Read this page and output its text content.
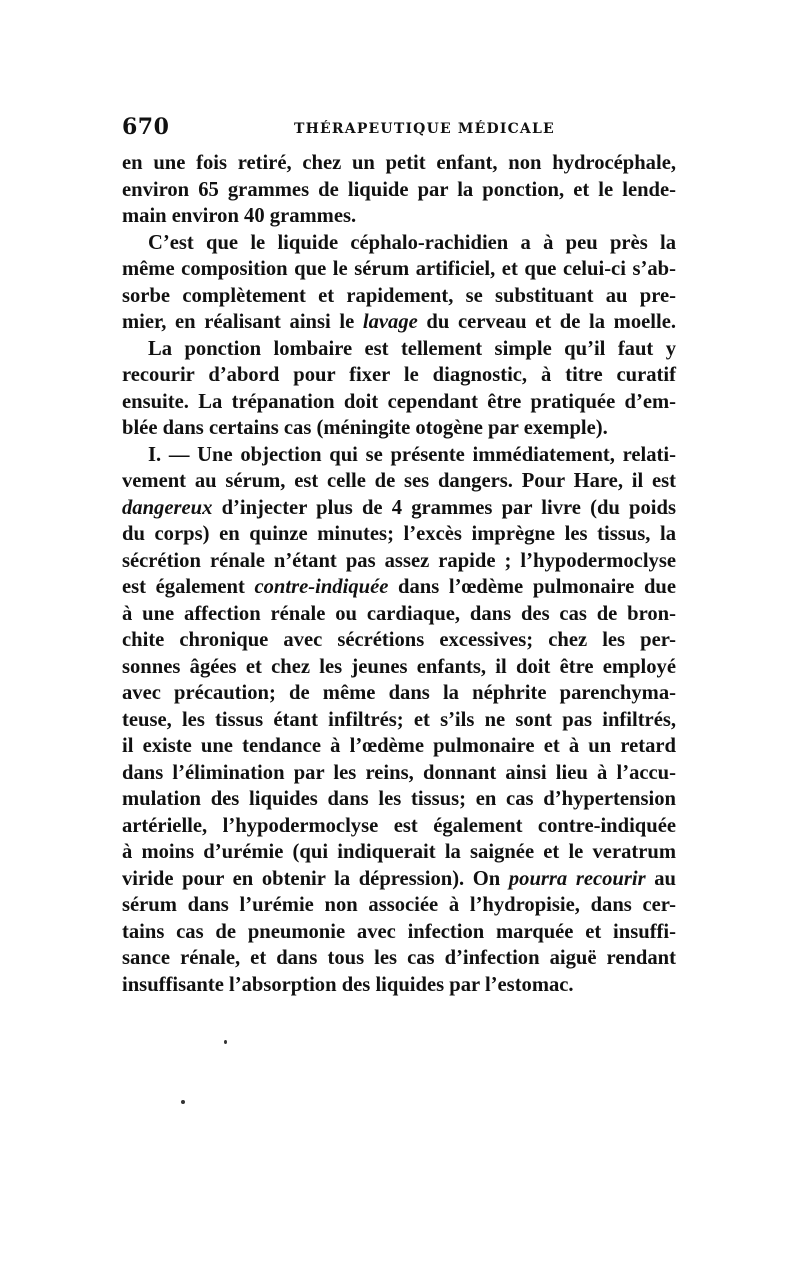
670	THÉRAPEUTIQUE MÉDICALE
en une fois retiré, chez un petit enfant, non hydrocéphale,
environ 65 grammes de liquide par la ponction, et le lende-
main environ 40 grammes.
C’est que le liquide céphalo-rachidien a à peu près la
même composition que le sérum artificiel, et que celui-ci s’ab-
sorbe complètement et rapidement, se substituant au pre-
mier, en réalisant ainsi le lavage du cerveau et de la moelle.
La ponction lombaire est tellement simple qu’il faut y
recourir d’abord pour fixer le diagnostic, à titre curatif
ensuite. La trépanation doit cependant être pratiquée d’em-
blée dans certains cas (méningite otogène par exemple).
I. — Une objection qui se présente immédiatement, relati-
vement au sérum, est celle de ses dangers. Pour Hare, il est
dangereux d’injecter plus de 4 grammes par livre (du poids
du corps) en quinze minutes; l’excès imprègne les tissus, la
sécrétion rénale n’étant pas assez rapide ; l’hypodermoclyse
est également contre-indiquée dans l’œdème pulmonaire due
à une affection rénale ou cardiaque, dans des cas de bron-
chite chronique avec sécrétions excessives; chez les per-
sonnes âgées et chez les jeunes enfants, il doit être employé
avec précaution; de même dans la néphrite parenchyma-
teuse, les tissus étant infiltrés; et s’ils ne sont pas infiltrés,
il existe une tendance à l’œdème pulmonaire et à un retard
dans l’élimination par les reins, donnant ainsi lieu à l’accu-
mulation des liquides dans les tissus; en cas d’hypertension
artérielle, l’hypodermoclyse est également contre-indiquée
à moins d’urémie (qui indiquerait la saignée et le veratrum
viride pour en obtenir la dépression). On pourra recourir au
sérum dans l’urémie non associée à l’hydropisie, dans cer-
tains cas de pneumonie avec infection marquée et insuffi-
sance rénale, et dans tous les cas d’infection aiguë rendant
insuffisante l’absorption des liquides par l’estomac.
